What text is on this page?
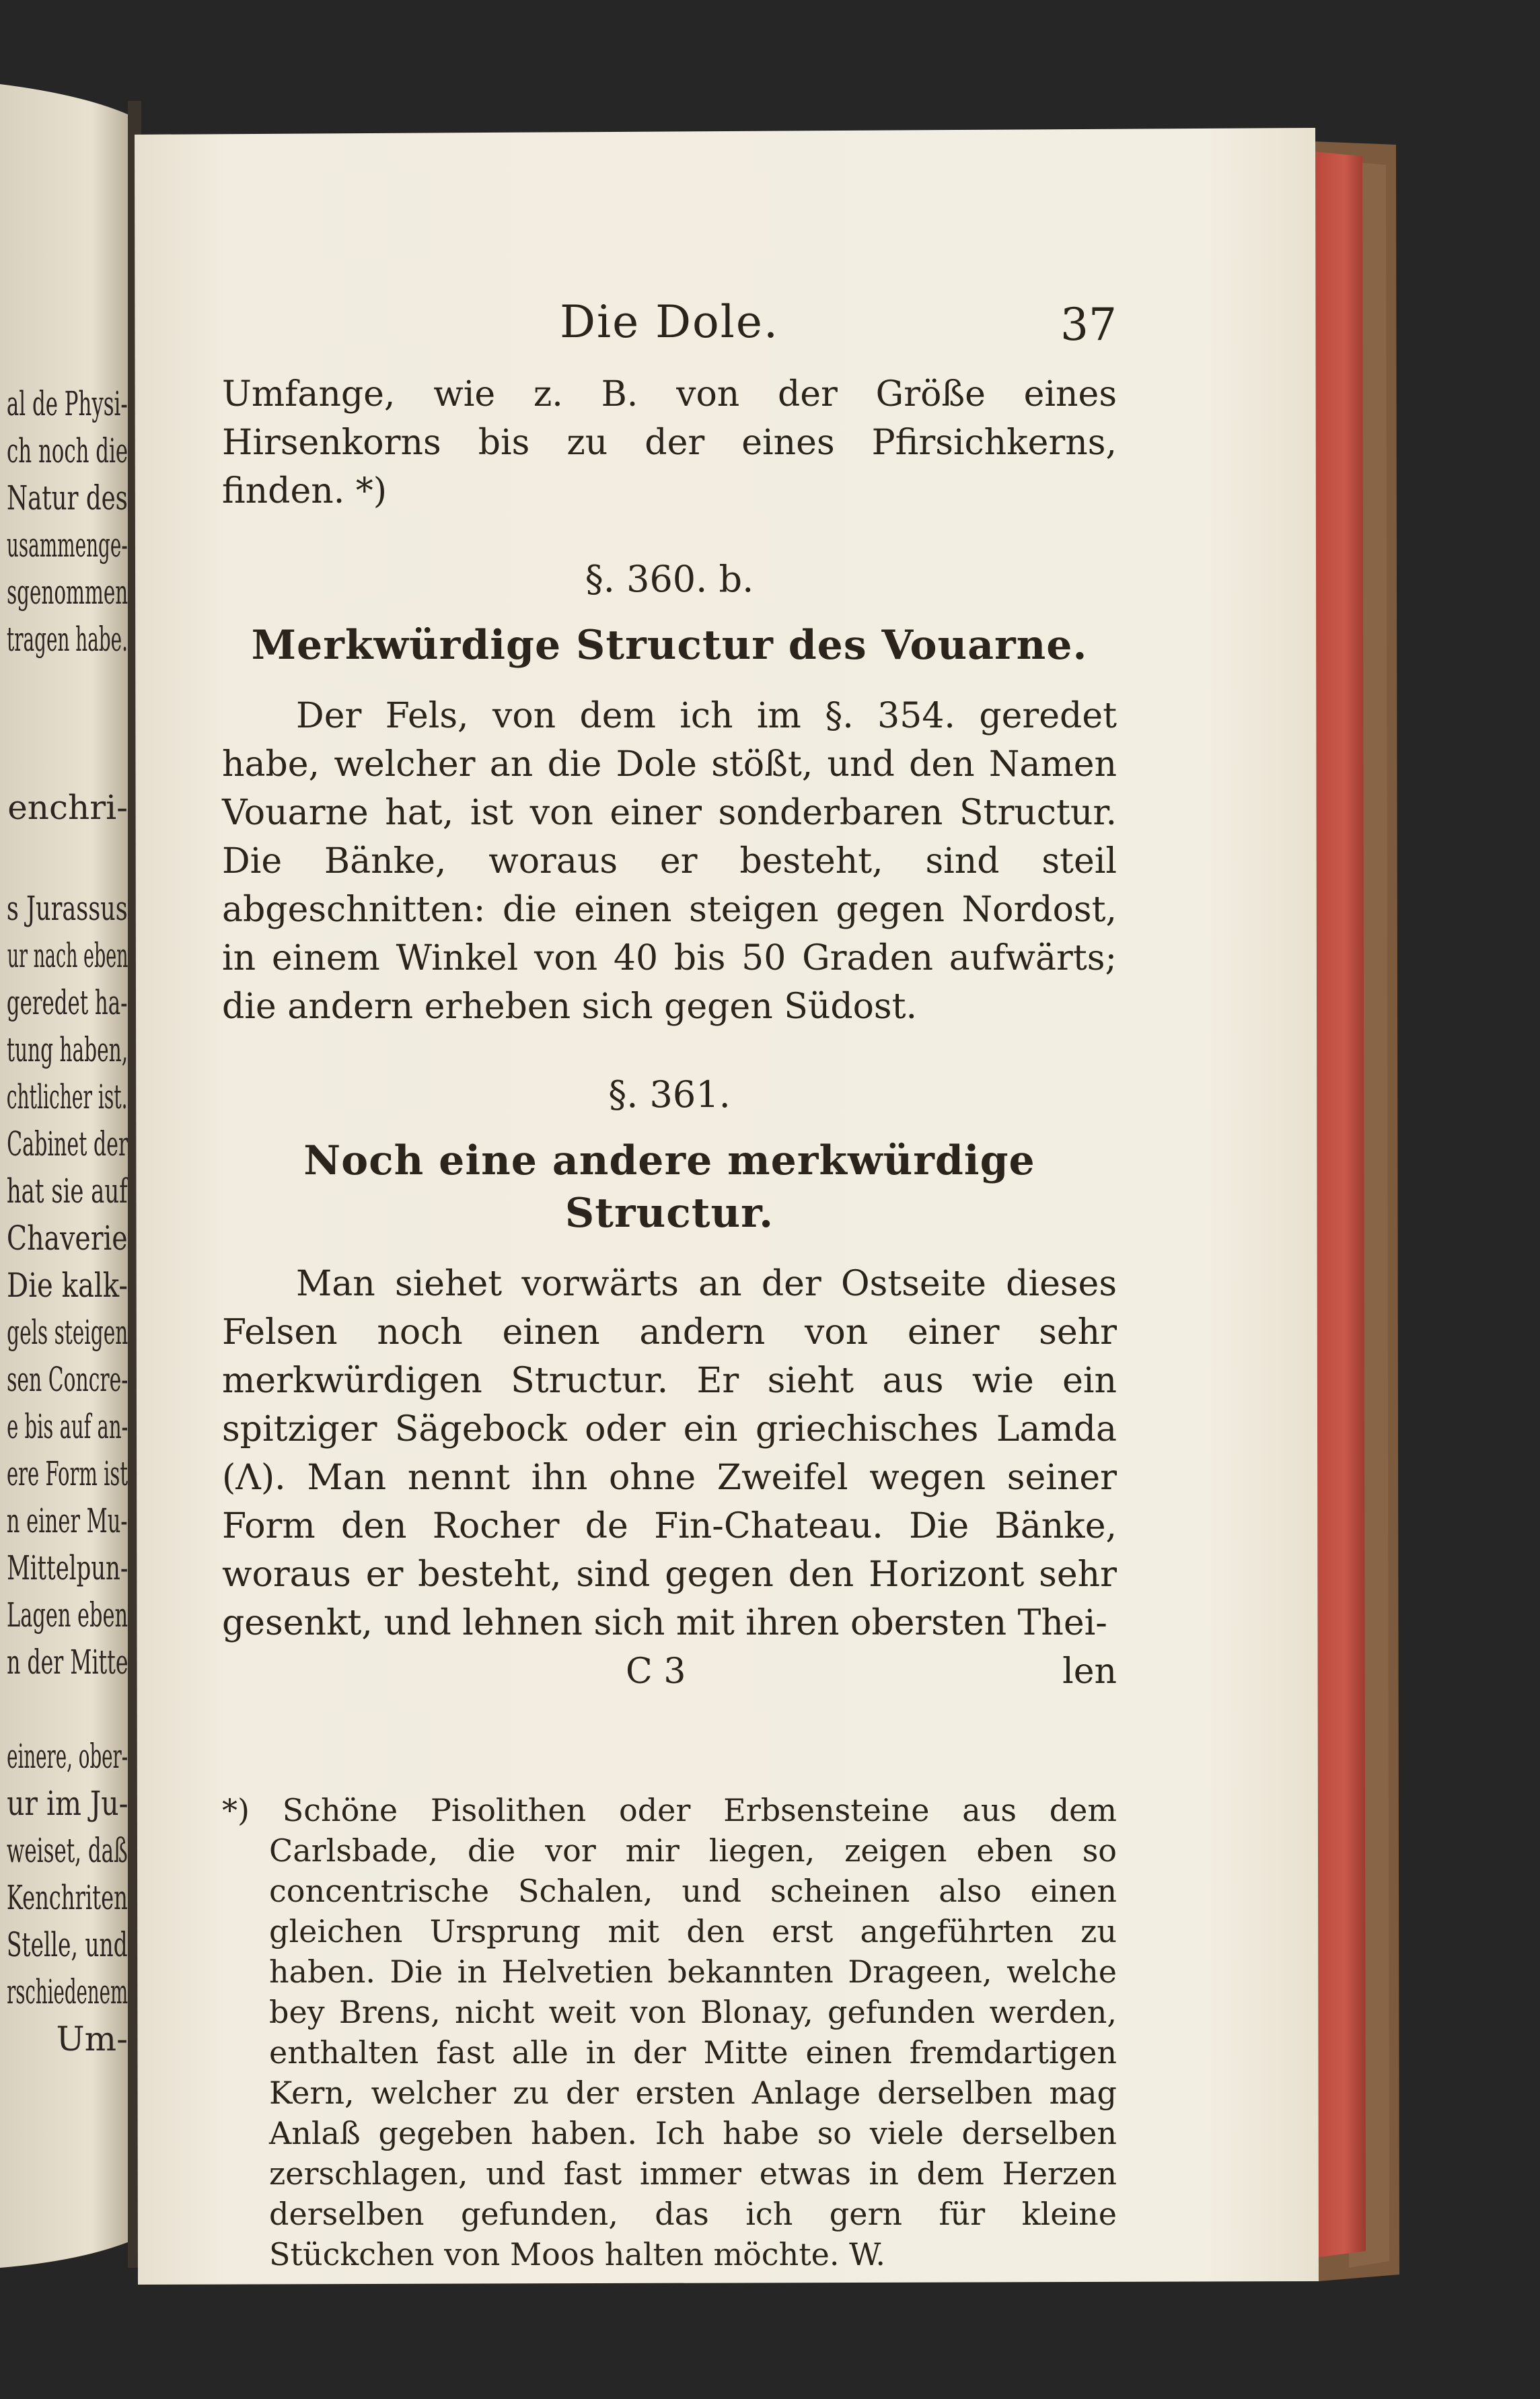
al de Physi-
ch noch die
Natur des
usammenge-
sgenommen
tragen habe.
enchri-
s Jurassus
ur nach eben
geredet ha-
tung haben,
chtlicher ist.
Cabinet der
hat sie auf
Chaverie
Die kalk-
gels steigen
sen Concre-
e bis auf an-
ere Form ist
n einer Mu-
Mittelpun-
Lagen eben
n der Mitte
einere, ober-
ur im Ju-
weiset, daß
Kenchriten
Stelle, und
rschiedenem
Um-
Die Dole.	37

Umfange, wie z. B. von der Größe eines Hirsenkorns bis zu der eines Pfirsichkerns, finden. *)

§. 360. b.
Merkwürdige Structur des Vouarne.

Der Fels, von dem ich im §. 354. geredet habe, welcher an die Dole stößt, und den Namen Vouarne hat, ist von einer sonderbaren Structur. Die Bänke, woraus er besteht, sind steil abgeschnitten: die einen steigen gegen Nordost, in einem Winkel von 40 bis 50 Graden aufwärts; die andern erheben sich gegen Südost.

§. 361.
Noch eine andere merkwürdige Structur.

Man siehet vorwärts an der Ostseite dieses Felsen noch einen andern von einer sehr merkwürdigen Structur. Er sieht aus wie ein spitziger Sägebock oder ein griechisches Lamda (Λ). Man nennt ihn ohne Zweifel wegen seiner Form den Rocher de Fin-Chateau. Die Bänke, woraus er besteht, sind gegen den Horizont sehr gesenkt, und lehnen sich mit ihren obersten Thei-

C 3	len

*) Schöne Pisolithen oder Erbsensteine aus dem Carlsbade, die vor mir liegen, zeigen eben so concentrische Schalen, und scheinen also einen gleichen Ursprung mit den erst angeführten zu haben. Die in Helvetien bekannten Drageen, welche bey Brens, nicht weit von Blonay, gefunden werden, enthalten fast alle in der Mitte einen fremdartigen Kern, welcher zu der ersten Anlage derselben mag Anlaß gegeben haben. Ich habe so viele derselben zerschlagen, und fast immer etwas in dem Herzen derselben gefunden, das ich gern für kleine Stückchen von Moos halten möchte. W.
